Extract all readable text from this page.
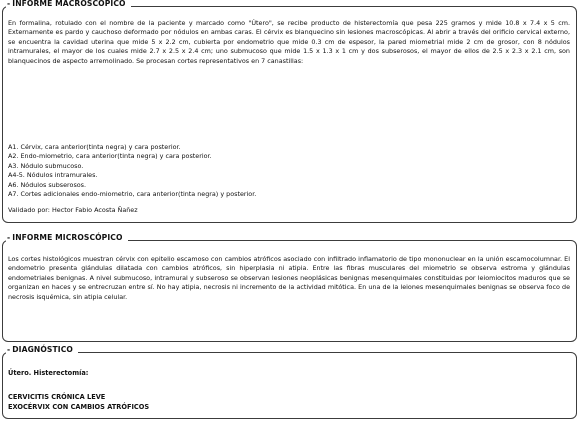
- INFORME MACROSCÓPICO
En formalina, rotulado con el nombre de la paciente y marcado como "Útero", se recibe producto de histerectomía que pesa 225 gramos y mide 10.8 x 7.4 x 5 cm. Externamente es pardo y cauchoso deformado por nódulos en ambas caras. El cérvix es blanquecino sin lesiones macroscópicas. Al abrir a través del orificio cervical externo, se encuentra la cavidad uterina que mide 5 x 2.2 cm, cubierta por endometrio que mide 0.3 cm de espesor, la pared miometrial mide 2 cm de grosor, con 8 nódulos intramurales, el mayor de los cuales mide 2.7 x 2.5 x 2.4 cm; uno submucoso que mide 1.5 x 1.3 x 1 cm y dos subserosos, el mayor de ellos de 2.5 x 2.3 x 2.1 cm, son blanquecinos de aspecto arremolinado. Se procesan cortes representativos en 7 canastillas:
A1. Cérvix, cara anterior(tinta negra) y cara posterior.
A2. Endo-miometrio, cara anterior(tinta negra) y cara posterior.
A3. Nódulo submucoso.
A4-5. Nódulos intramurales.
A6. Nódulos subserosos.
A7. Cortes adicionales endo-miometrio, cara anterior(tinta negra) y posterior.
Validado por: Hector Fabio Acosta Ñañez
- INFORME MICROSCÓPICO
Los cortes histológicos muestran cérvix con epitelio escamoso con cambios atróficos asociado con infiltrado inflamatorio de tipo mononuclear en la unión escamocolumnar. El endometrio presenta glándulas dilatada con cambios atróficos, sin hiperplasia ni atipia. Entre las fibras musculares del miometrio se observa estroma y glándulas endometriales benignas. A nivel submucoso, intramural y subseroso se observan lesiones neoplásicas benignas mesenquimales constituidas por leiomiocitos maduros que se organizan en haces y se entrecruzan entre sí. No hay atipia, necrosis ni incremento de la actividad mitótica. En una de la leiones mesenquimales benignas se observa foco de necrosis isquémica, sin atipia celular.
- DIAGNÓSTICO
Útero. Histerectomía:
CERVICITIS CRÓNICA LEVE
EXOCÉRVIX CON CAMBIOS ATRÓFICOS
